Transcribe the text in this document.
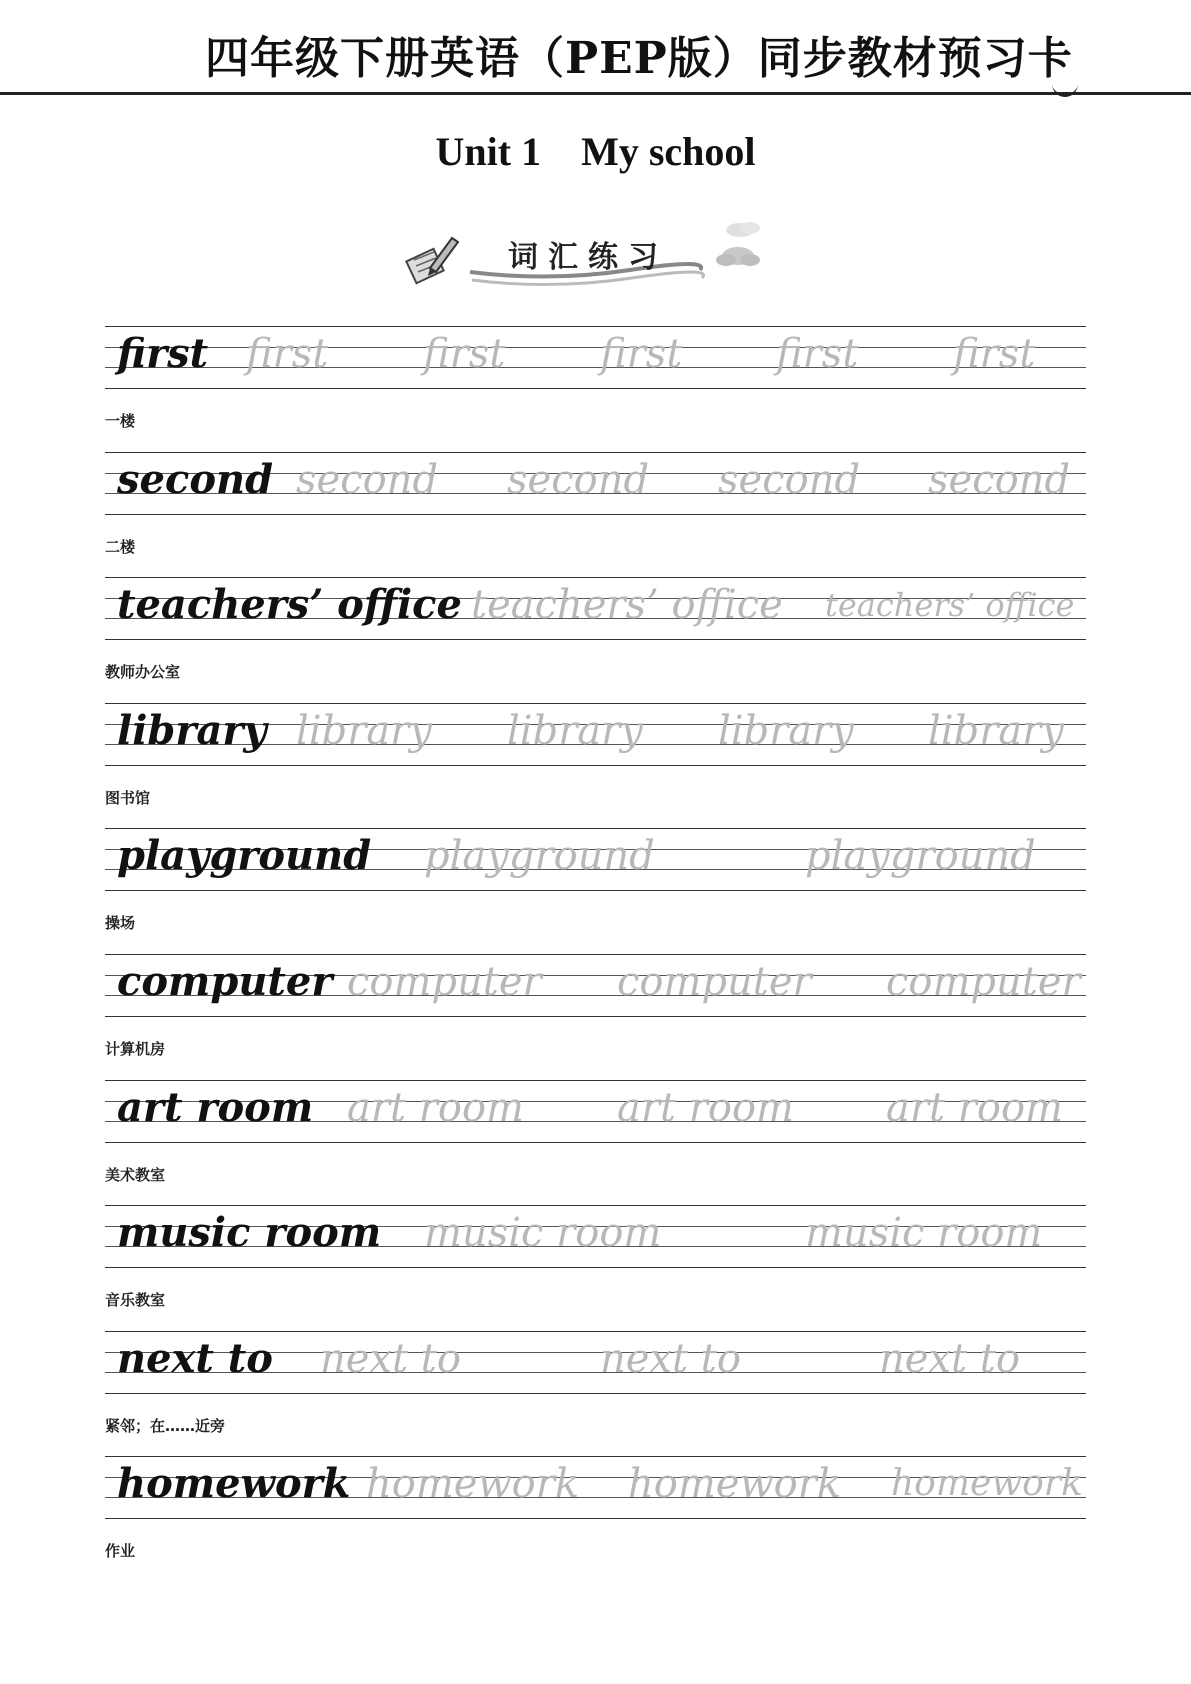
四年级下册英语（PEP版）同步教材预习卡
Unit 1    My school
词汇练习
first first first first first first
一楼
second second second second second
二楼
teachers’ office teachers’ office teachers’ office
教师办公室
library library library library library
图书馆
playground playground	playground
操场
computer computer computer computer
计算机房
art room art room art room art room
美术教室
music room music room	music room
音乐教室
next to next to	next to	next to
紧邻；在……近旁
homework homework homework homework
作业
